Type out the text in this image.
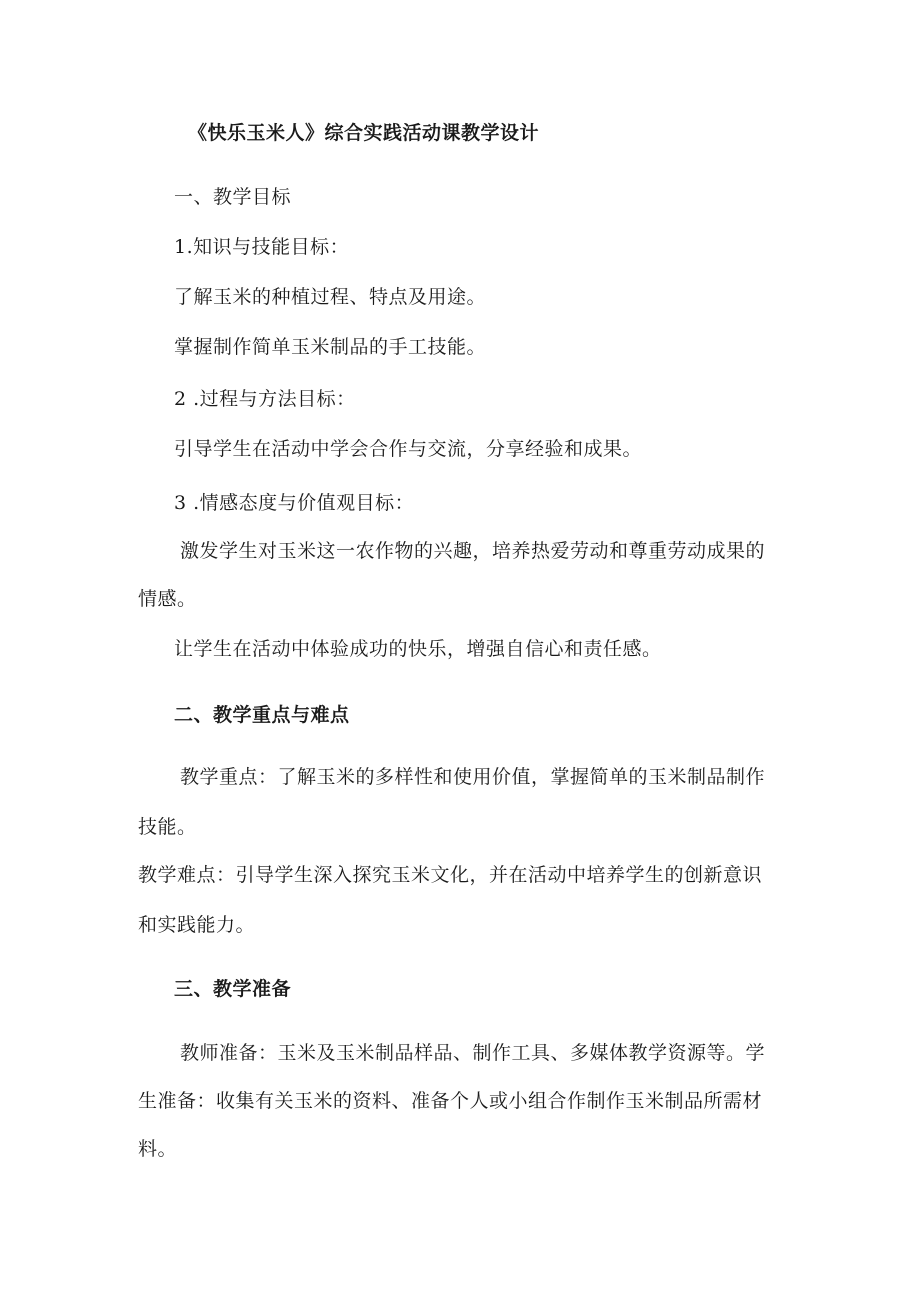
《快乐玉米人》综合实践活动课教学设计
一、教学目标
1.知识与技能目标：
了解玉米的种植过程、特点及用途。
掌握制作简单玉米制品的手工技能。
2 .过程与方法目标：
引导学生在活动中学会合作与交流，分享经验和成果。
3 .情感态度与价值观目标：
激发学生对玉米这一农作物的兴趣，培养热爱劳动和尊重劳动成果的
情感。
让学生在活动中体验成功的快乐，增强自信心和责任感。
二、教学重点与难点
教学重点：了解玉米的多样性和使用价值，掌握简单的玉米制品制作
技能。
教学难点：引导学生深入探究玉米文化，并在活动中培养学生的创新意识
和实践能力。
三、教学准备
教师准备：玉米及玉米制品样品、制作工具、多媒体教学资源等。学
生准备：收集有关玉米的资料、准备个人或小组合作制作玉米制品所需材
料。
